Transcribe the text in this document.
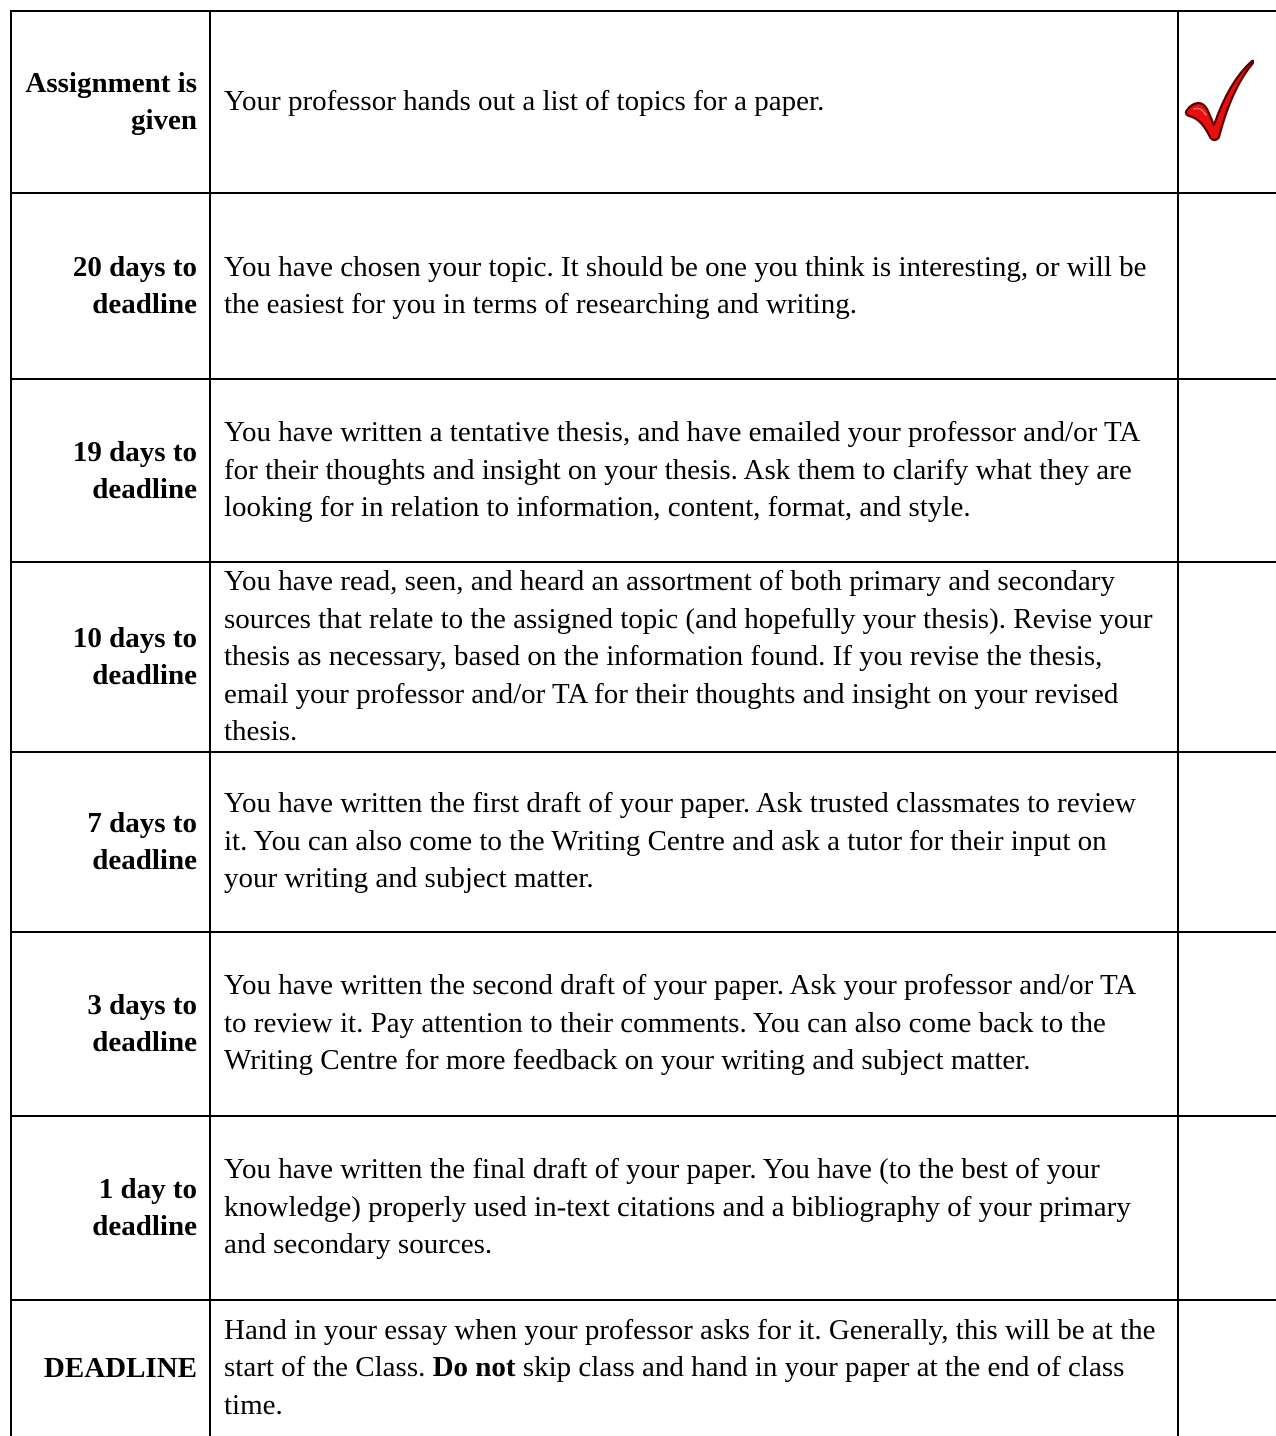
Assignment is given	Your professor hands out a list of topics for a paper.	
20 days to deadline	You have chosen your topic. It should be one you think is interesting, or will be the easiest for you in terms of researching and writing.	
19 days to deadline	You have written a tentative thesis, and have emailed your professor and/or TA for their thoughts and insight on your thesis. Ask them to clarify what they are looking for in relation to information, content, format, and style.	
10 days to deadline	You have read, seen, and heard an assortment of both primary and secondary sources that relate to the assigned topic (and hopefully your thesis). Revise your thesis as necessary, based on the information found. If you revise the thesis, email your professor and/or TA for their thoughts and insight on your revised thesis.	
7 days to deadline	You have written the first draft of your paper. Ask trusted classmates to review it. You can also come to the Writing Centre and ask a tutor for their input on your writing and subject matter.	
3 days to deadline	You have written the second draft of your paper. Ask your professor and/or TA to review it. Pay attention to their comments. You can also come back to the Writing Centre for more feedback on your writing and subject matter.	
1 day to deadline	You have written the final draft of your paper. You have (to the best of your knowledge) properly used in-text citations and a bibliography of your primary and secondary sources.	
DEADLINE	Hand in your essay when your professor asks for it. Generally, this will be at the start of the Class. Do not skip class and hand in your paper at the end of class time.	
